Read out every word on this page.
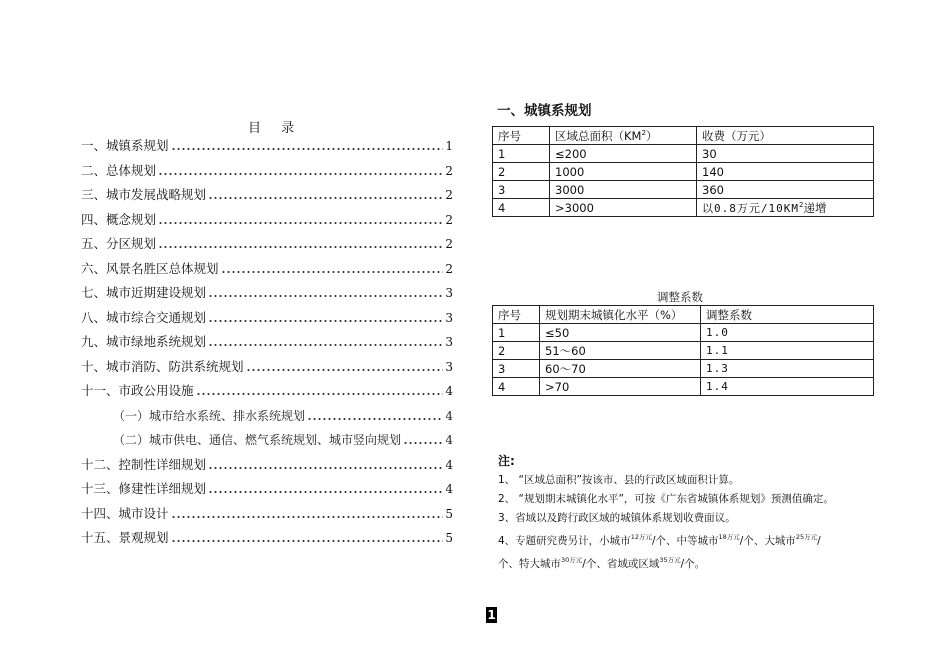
目 录
一、城镇系规划	1
二、总体规划	2
三、城市发展战略规划	2
四、概念规划	2
五、分区规划	2
六、风景名胜区总体规划	2
七、城市近期建设规划	3
八、城市综合交通规划	3
九、城市绿地系统规划	3
十、城市消防、防洪系统规划	3
十一、市政公用设施	4
（一）城市给水系统、排水系统规划	4
（二）城市供电、通信、燃气系统规划、城市竖向规划	4
十二、控制性详细规划	4
十三、修建性详细规划	4
十四、城市设计	5
十五、景观规划	5
一、城镇系规划
序号	区域总面积$(KM^2)$	收费（万元）
1	≤200	30
2	1000	140
3	3000	360
4	>3000	以0.8万元$/10KM^2$递增
调整系数
序号	规划期末城镇化水平（%）	调整系数
1	≤50	1.0
2	51～60	1.1
3	60～70	1.3
4	>70	1.4
注:
1、 “区域总面积”按该市、县的行政区域面积计算。
2、 “规划期末城镇化水平”，可按《广东省城镇体系规划》预测值确定。
3、省域以及跨行政区域的城镇体系规划收费面议。
4、专题研究费另计，小城市$^{12万元}$/个、中等城市$^{18万元}$/个、大城市$^{25万元}$/
个、特大城市$^{30万元}$/个、省域或区域$^{35万元}$/个。
1
